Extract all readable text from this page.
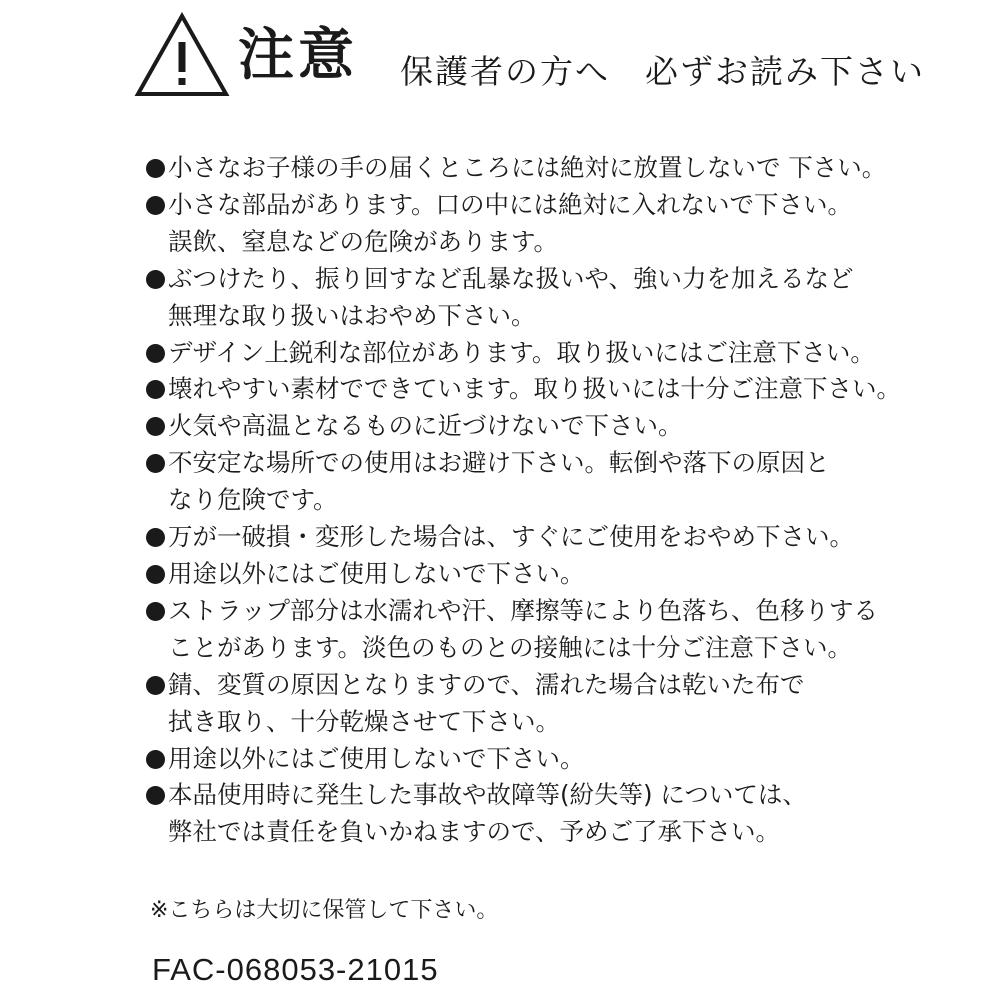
注意 保護者の方へ　必ずお読み下さい
小さなお子様の手の届くところには絶対に放置しないで 下さい。
小さな部品があります。口の中には絶対に入れないで下さい。
誤飲、窒息などの危険があります。
ぶつけたり、振り回すなど乱暴な扱いや、強い力を加えるなど
無理な取り扱いはおやめ下さい。
デザイン上鋭利な部位があります。取り扱いにはご注意下さい。
壊れやすい素材でできています。取り扱いには十分ご注意下さい。
火気や高温となるものに近づけないで下さい。
不安定な場所での使用はお避け下さい。転倒や落下の原因と
なり危険です。
万が一破損・変形した場合は、すぐにご使用をおやめ下さい。
用途以外にはご使用しないで下さい。
ストラップ部分は水濡れや汗、摩擦等により色落ち、色移りする
ことがあります。淡色のものとの接触には十分ご注意下さい。
錆、変質の原因となりますので、濡れた場合は乾いた布で
拭き取り、十分乾燥させて下さい。
用途以外にはご使用しないで下さい。
本品使用時に発生した事故や故障等(紛失等) については、
弊社では責任を負いかねますので、予めご了承下さい。
※こちらは大切に保管して下さい。
FAC-068053-21015
